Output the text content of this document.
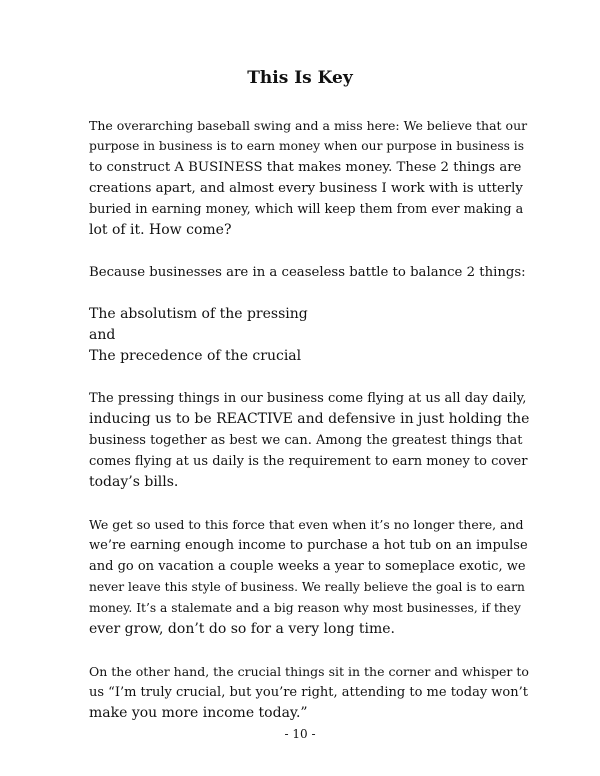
This Is Key

The overarching baseball swing and a miss here: We believe that our
purpose in business is to earn money when our purpose in business is
to construct A BUSINESS that makes money. These 2 things are
creations apart, and almost every business I work with is utterly
buried in earning money, which will keep them from ever making a
lot of it. How come?

Because businesses are in a ceaseless battle to balance 2 things:

The absolutism of the pressing
and
The precedence of the crucial

The pressing things in our business come flying at us all day daily,
inducing us to be REACTIVE and defensive in just holding the
business together as best we can. Among the greatest things that
comes flying at us daily is the requirement to earn money to cover
today’s bills.

We get so used to this force that even when it’s no longer there, and
we’re earning enough income to purchase a hot tub on an impulse
and go on vacation a couple weeks a year to someplace exotic, we
never leave this style of business. We really believe the goal is to earn
money. It’s a stalemate and a big reason why most businesses, if they
ever grow, don’t do so for a very long time.

On the other hand, the crucial things sit in the corner and whisper to
us “I’m truly crucial, but you’re right, attending to me today won’t
make you more income today.”

- 10 -
